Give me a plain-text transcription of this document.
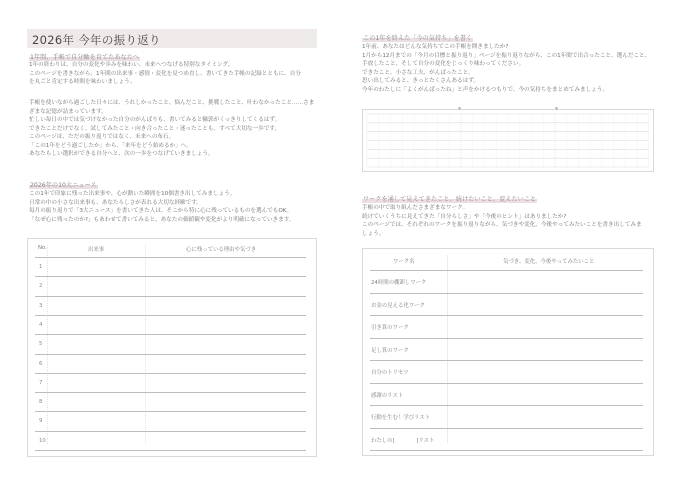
2026年 今年の振り返り
1年間、手帳で自分軸を育てたあなたへ

1年の終わりは、自分の変化や歩みを味わい、未来へつなげる特別なタイミング。

このページを書きながら、1年間の出来事・感情・変化を見つめ直し、書いてきた手帳の記録とともに、自分

を丸ごと肯定する時間を味わいましょう。

手帳を使いながら過ごした日々には、うれしかったこと、悩んだこと、挑戦したこと、叶わなかったこと……さま

ざまな記憶が詰まっています。

忙しい毎日の中では気づけなかった自分のがんばりも、書いてみると輪郭がくっきりしてくるはず。

できたことだけでなく、試してみたこと・向き合ったこと・迷ったことも、すべて大切な一歩です。

このページは、ただの振り返りではなく、未来への布石。

「この1年をどう過ごしたか」から、「来年をどう始めるか」へ。

あなたらしい選択ができる自分へと、次の一歩をつなげていきましょう。

2026年の10大ニュース

この1年で印象に残った出来事や、心が動いた瞬間を10個書き出してみましょう。

日常の中の小さな出来事も、あなたらしさが表れる大切な経験です。

毎月の振り返りで「3大ニュース」を書いてきた人は、そこから特に心に残っているものを選んでもOK。

「なぜ心に残ったのか?」もあわせて書いてみると、あなたの価値観や変化がより明確になっていきます。

No.	出来事	心に残っている理由や気づき
1
2
3
4
5
6
7
8
9
10
この1年を終えた「今の気持ち」を書く

1年前、あなたはどんな気持ちでこの手帳を開きましたか?

1月から12月までの「今月の目標と振り返り」ページを振り返りながら、この1年間で出合ったこと、選んだこと、

手放したこと、そして自分の変化をじっくり味わってください。

できたこと、小さな工夫、がんばったこと。

思い出してみると、きっとたくさんあるはず。

今年のわたしに「よくがんばったね」と声をかけるつもりで、今の気持ちをまとめてみましょう。

▼	▼
ワークを通して見えてきたこと、続けたいこと、変えたいこと

手帳の中で取り組んださまざまなワーク。

続けていくうちに見えてきた「自分らしさ」や「今後のヒント」はありましたか?

このページでは、それぞれのワークを振り返りながら、気づきや変化、今後やってみたいことを書き出してみま

しょう。

ワーク名	気づき、変化、今後やってみたいこと
24時間の棚卸しワーク
お金の見える化ワーク
引き算のワーク
足し算のワーク
自分のトリセツ
感謝のリスト
行動を生む！学びリスト
わたしの[　　　　]リスト
